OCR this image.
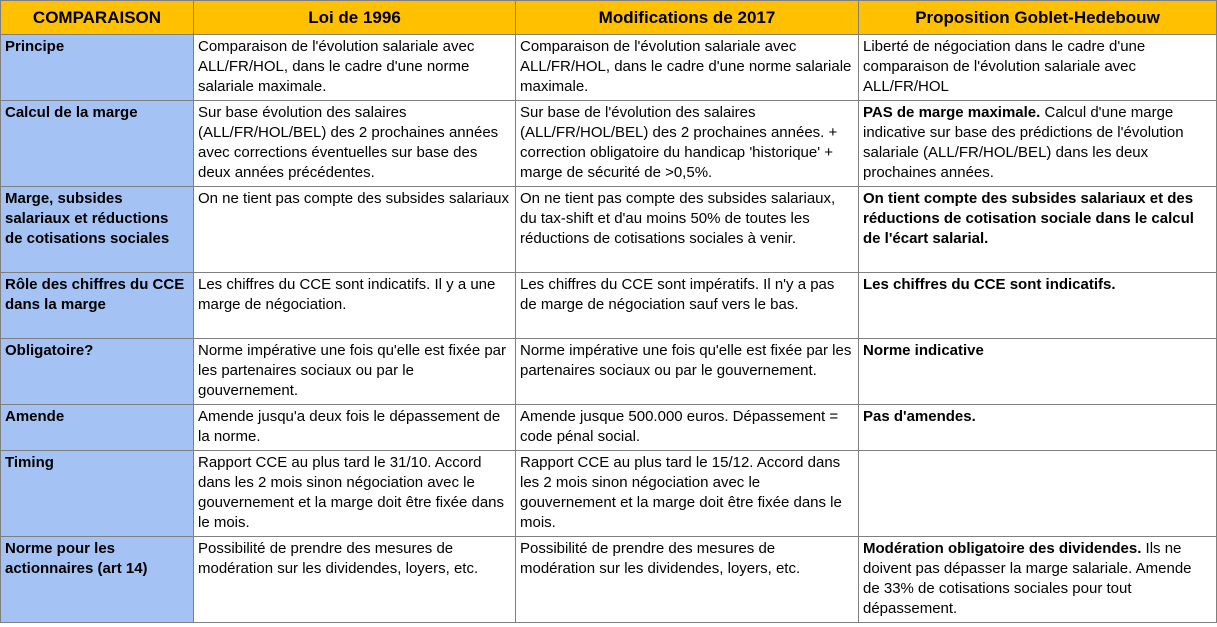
COMPARAISON	Loi de 1996	Modifications de 2017	Proposition Goblet-Hedebouw
Principe	Comparaison de l'évolution salariale avec ALL/FR/HOL, dans le cadre d'une norme salariale maximale.	Comparaison de l'évolution salariale avec ALL/FR/HOL, dans le cadre d'une norme salariale maximale.	Liberté de négociation dans le cadre d'une comparaison de l'évolution salariale avec ALL/FR/HOL
Calcul de la marge	Sur base évolution des salaires (ALL/FR/HOL/BEL) des 2 prochaines années avec corrections éventuelles sur base des deux années précédentes.	Sur base de l'évolution des salaires (ALL/FR/HOL/BEL) des 2 prochaines années. + correction obligatoire du handicap 'historique' + marge de sécurité de >0,5%.	PAS de marge maximale. Calcul d'une marge indicative sur base des prédictions de l'évolution salariale (ALL/FR/HOL/BEL) dans les deux prochaines années.
Marge, subsides salariaux et réductions de cotisations sociales	On ne tient pas compte des subsides salariaux	On ne tient pas compte des subsides salariaux, du tax-shift et d'au moins 50% de toutes les réductions de cotisations sociales à venir.	On tient compte des subsides salariaux et des réductions de cotisation sociale dans le calcul de l'écart salarial.
Rôle des chiffres du CCE dans la marge	Les chiffres du CCE sont indicatifs. Il y a une marge de négociation.	Les chiffres du CCE sont impératifs. Il n'y a pas de marge de négociation sauf vers le bas.	Les chiffres du CCE sont indicatifs.
Obligatoire?	Norme impérative une fois qu'elle est fixée par les partenaires sociaux ou par le gouvernement.	Norme impérative une fois qu'elle est fixée par les partenaires sociaux ou par le gouvernement.	Norme indicative
Amende	Amende jusqu'a deux fois le dépassement de la norme.	Amende jusque 500.000 euros. Dépassement = code pénal social.	Pas d'amendes.
Timing	Rapport CCE au plus tard le 31/10. Accord dans les 2 mois sinon négociation avec le gouvernement et la marge doit être fixée dans le mois.	Rapport CCE au plus tard le 15/12. Accord dans les 2 mois sinon négociation avec le gouvernement et la marge doit être fixée dans le mois.	
Norme pour les actionnaires (art 14)	Possibilité de prendre des mesures de modération sur les dividendes, loyers, etc.	Possibilité de prendre des mesures de modération sur les dividendes, loyers, etc.	Modération obligatoire des dividendes. Ils ne doivent pas dépasser la marge salariale. Amende de 33% de cotisations sociales pour tout dépassement.
